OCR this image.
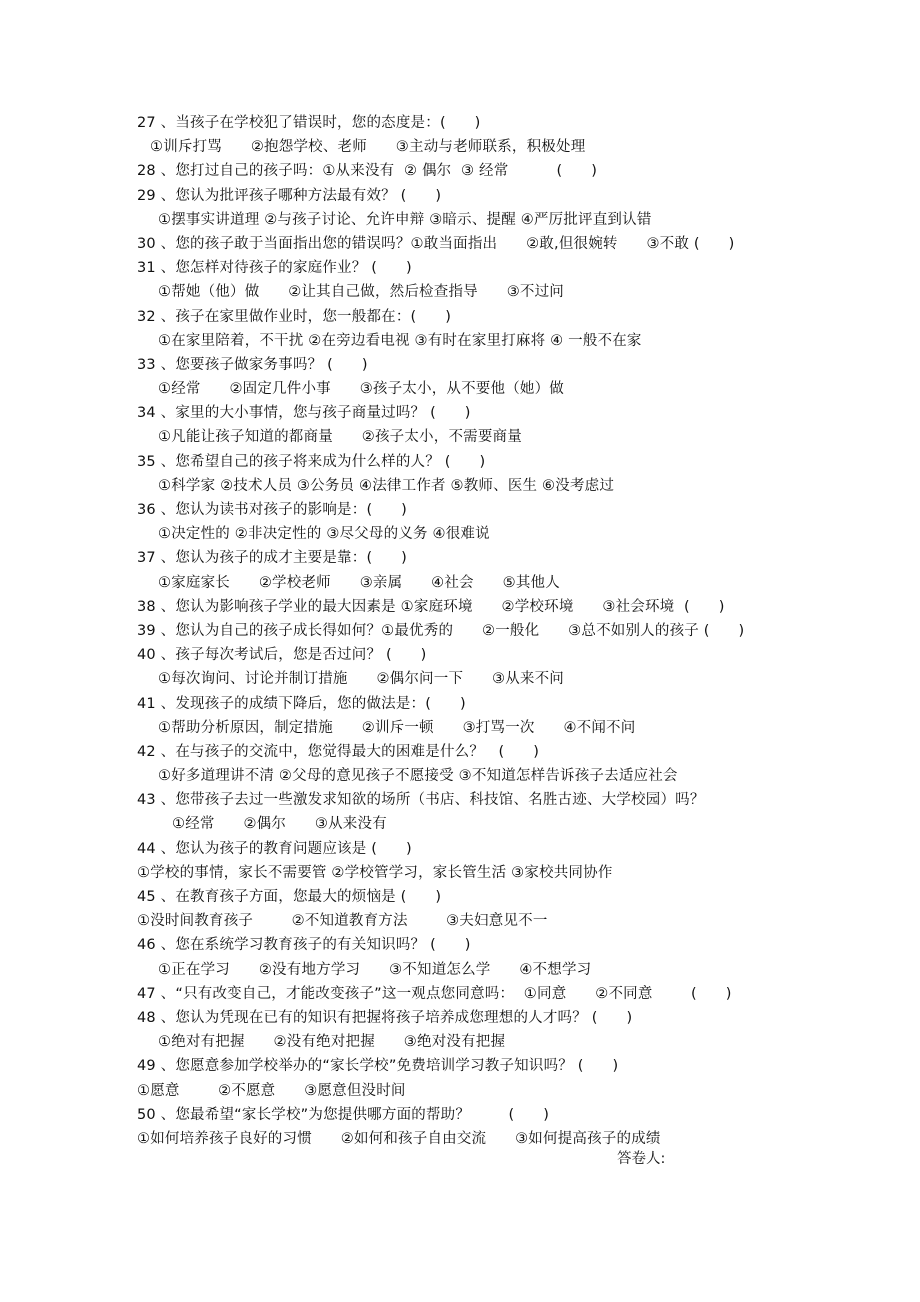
27 、当孩子在学校犯了错误时，您的态度是：(      )
①训斥打骂      ②抱怨学校、老师      ③主动与老师联系，积极处理
28 、您打过自己的孩子吗：①从来没有  ② 偶尔  ③ 经常          (      )
29 、您认为批评孩子哪种方法最有效？ (      )
①摆事实讲道理 ②与孩子讨论、允许申辩 ③暗示、提醒 ④严厉批评直到认错
30 、您的孩子敢于当面指出您的错误吗？①敢当面指出      ②敢,但很婉转      ③不敢 (      )
31 、您怎样对待孩子的家庭作业？ (      )
①帮她（他）做      ②让其自己做，然后检查指导      ③不过问
32 、孩子在家里做作业时，您一般都在：(      )
①在家里陪着，不干扰 ②在旁边看电视 ③有时在家里打麻将 ④ 一般不在家
33 、您要孩子做家务事吗？ (      )
①经常      ②固定几件小事      ③孩子太小，从不要他（她）做
34 、家里的大小事情，您与孩子商量过吗？ (      )
①凡能让孩子知道的都商量      ②孩子太小，不需要商量
35 、您希望自己的孩子将来成为什么样的人？ (      )
①科学家 ②技术人员 ③公务员 ④法律工作者 ⑤教师、医生 ⑥没考虑过
36 、您认为读书对孩子的影响是：(      )
①决定性的 ②非决定性的 ③尽父母的义务 ④很难说
37 、您认为孩子的成才主要是靠：(      )
①家庭家长      ②学校老师      ③亲属      ④社会      ⑤其他人
38 、您认为影响孩子学业的最大因素是 ①家庭环境      ②学校环境      ③社会环境  (      )
39 、您认为自己的孩子成长得如何？①最优秀的      ②一般化      ③总不如别人的孩子 (      )
40 、孩子每次考试后，您是否过问？ (      )
①每次询问、讨论并制订措施      ②偶尔问一下      ③从来不问
41 、发现孩子的成绩下降后，您的做法是：(      )
①帮助分析原因，制定措施      ②训斥一顿      ③打骂一次      ④不闻不问
42 、在与孩子的交流中，您觉得最大的困难是什么？   (      )
①好多道理讲不清 ②父母的意见孩子不愿接受 ③不知道怎样告诉孩子去适应社会
43 、您带孩子去过一些激发求知欲的场所（书店、科技馆、名胜古迹、大学校园）吗？
①经常      ②偶尔      ③从来没有
44 、您认为孩子的教育问题应该是 (      )
①学校的事情，家长不需要管 ②学校管学习，家长管生活 ③家校共同协作
45 、在教育孩子方面，您最大的烦恼是 (      )
①没时间教育孩子        ②不知道教育方法        ③夫妇意见不一
46 、您在系统学习教育孩子的有关知识吗？ (      )
①正在学习      ②没有地方学习      ③不知道怎么学      ④不想学习
47 、“只有改变自己，才能改变孩子”这一观点您同意吗：  ①同意      ②不同意        (      )
48 、您认为凭现在已有的知识有把握将孩子培养成您理想的人才吗？ (      )
①绝对有把握      ②没有绝对把握      ③绝对没有把握
49 、您愿意参加学校举办的“家长学校”免费培训学习教子知识吗？ (      )
①愿意        ②不愿意      ③愿意但没时间
50 、您最希望“家长学校”为您提供哪方面的帮助？        (      )
①如何培养孩子良好的习惯      ②如何和孩子自由交流      ③如何提高孩子的成绩
答卷人:
